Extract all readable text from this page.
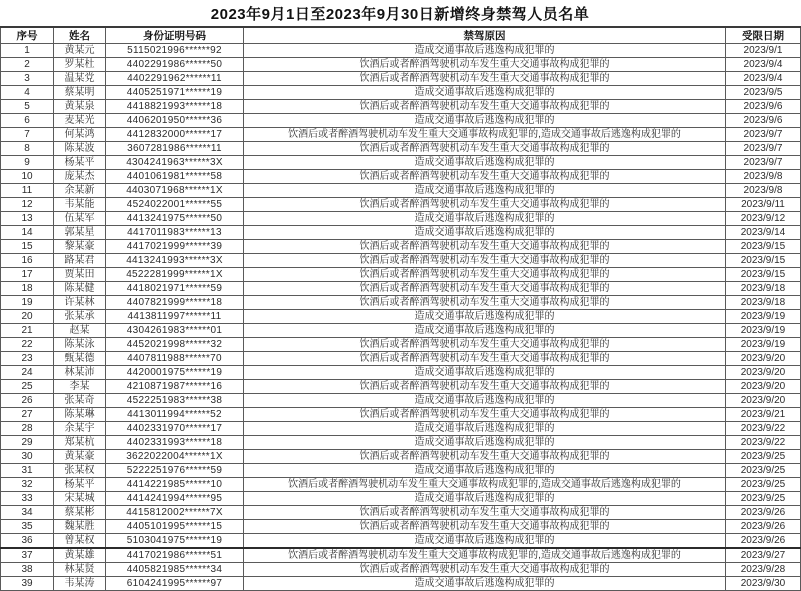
2023年9月1日至2023年9月30日新增终身禁驾人员名单
序号	姓名	身份证明号码	禁驾原因	受限日期
1	黄某元	5115021996******92	造成交通事故后逃逸构成犯罪的	2023/9/1
2	罗某杜	4402291986******50	饮酒后或者醉酒驾驶机动车发生重大交通事故构成犯罪的	2023/9/4
3	温某党	4402291962******11	饮酒后或者醉酒驾驶机动车发生重大交通事故构成犯罪的	2023/9/4
4	蔡某明	4405251971******19	造成交通事故后逃逸构成犯罪的	2023/9/5
5	黄某泉	4418821993******18	饮酒后或者醉酒驾驶机动车发生重大交通事故构成犯罪的	2023/9/6
6	麦某光	4406201950******36	造成交通事故后逃逸构成犯罪的	2023/9/6
7	何某鸿	4412832000******17	饮酒后或者醉酒驾驶机动车发生重大交通事故构成犯罪的,造成交通事故后逃逸构成犯罪的	2023/9/7
8	陈某波	3607281986******11	饮酒后或者醉酒驾驶机动车发生重大交通事故构成犯罪的	2023/9/7
9	杨某平	4304241963******3X	造成交通事故后逃逸构成犯罪的	2023/9/7
10	庞某杰	4401061981******58	饮酒后或者醉酒驾驶机动车发生重大交通事故构成犯罪的	2023/9/8
11	余某新	4403071968******1X	造成交通事故后逃逸构成犯罪的	2023/9/8
12	韦某能	4524022001******55	饮酒后或者醉酒驾驶机动车发生重大交通事故构成犯罪的	2023/9/11
13	伍某军	4413241975******50	造成交通事故后逃逸构成犯罪的	2023/9/12
14	郭某星	4417011983******13	造成交通事故后逃逸构成犯罪的	2023/9/14
15	黎某豪	4417021999******39	饮酒后或者醉酒驾驶机动车发生重大交通事故构成犯罪的	2023/9/15
16	路某君	4413241993******3X	饮酒后或者醉酒驾驶机动车发生重大交通事故构成犯罪的	2023/9/15
17	贾某田	4522281999******1X	饮酒后或者醉酒驾驶机动车发生重大交通事故构成犯罪的	2023/9/15
18	陈某健	4418021971******59	饮酒后或者醉酒驾驶机动车发生重大交通事故构成犯罪的	2023/9/18
19	许某林	4407821999******18	饮酒后或者醉酒驾驶机动车发生重大交通事故构成犯罪的	2023/9/18
20	张某承	4413811997******11	造成交通事故后逃逸构成犯罪的	2023/9/19
21	赵某	4304261983******01	造成交通事故后逃逸构成犯罪的	2023/9/19
22	陈某泳	4452021998******32	饮酒后或者醉酒驾驶机动车发生重大交通事故构成犯罪的	2023/9/19
23	甄某德	4407811988******70	饮酒后或者醉酒驾驶机动车发生重大交通事故构成犯罪的	2023/9/20
24	林某沛	4420001975******19	造成交通事故后逃逸构成犯罪的	2023/9/20
25	李某	4210871987******16	饮酒后或者醉酒驾驶机动车发生重大交通事故构成犯罪的	2023/9/20
26	张某奇	4522251983******38	造成交通事故后逃逸构成犯罪的	2023/9/20
27	陈某琳	4413011994******52	饮酒后或者醉酒驾驶机动车发生重大交通事故构成犯罪的	2023/9/21
28	余某宇	4402331970******17	造成交通事故后逃逸构成犯罪的	2023/9/22
29	郑某杭	4402331993******18	造成交通事故后逃逸构成犯罪的	2023/9/22
30	黄某豪	3622022004******1X	饮酒后或者醉酒驾驶机动车发生重大交通事故构成犯罪的	2023/9/25
31	张某权	5222251976******59	造成交通事故后逃逸构成犯罪的	2023/9/25
32	杨某平	4414221985******10	饮酒后或者醉酒驾驶机动车发生重大交通事故构成犯罪的,造成交通事故后逃逸构成犯罪的	2023/9/25
33	宋某城	4414241994******95	造成交通事故后逃逸构成犯罪的	2023/9/25
34	蔡某彬	4415812002******7X	饮酒后或者醉酒驾驶机动车发生重大交通事故构成犯罪的	2023/9/26
35	魏某胜	4405101995******15	饮酒后或者醉酒驾驶机动车发生重大交通事故构成犯罪的	2023/9/26
36	曾某权	5103041975******19	造成交通事故后逃逸构成犯罪的	2023/9/26
37	黄某雄	4417021986******51	饮酒后或者醉酒驾驶机动车发生重大交通事故构成犯罪的,造成交通事故后逃逸构成犯罪的	2023/9/27
38	林某贤	4405821985******34	饮酒后或者醉酒驾驶机动车发生重大交通事故构成犯罪的	2023/9/28
39	韦某涛	6104241995******97	造成交通事故后逃逸构成犯罪的	2023/9/30
